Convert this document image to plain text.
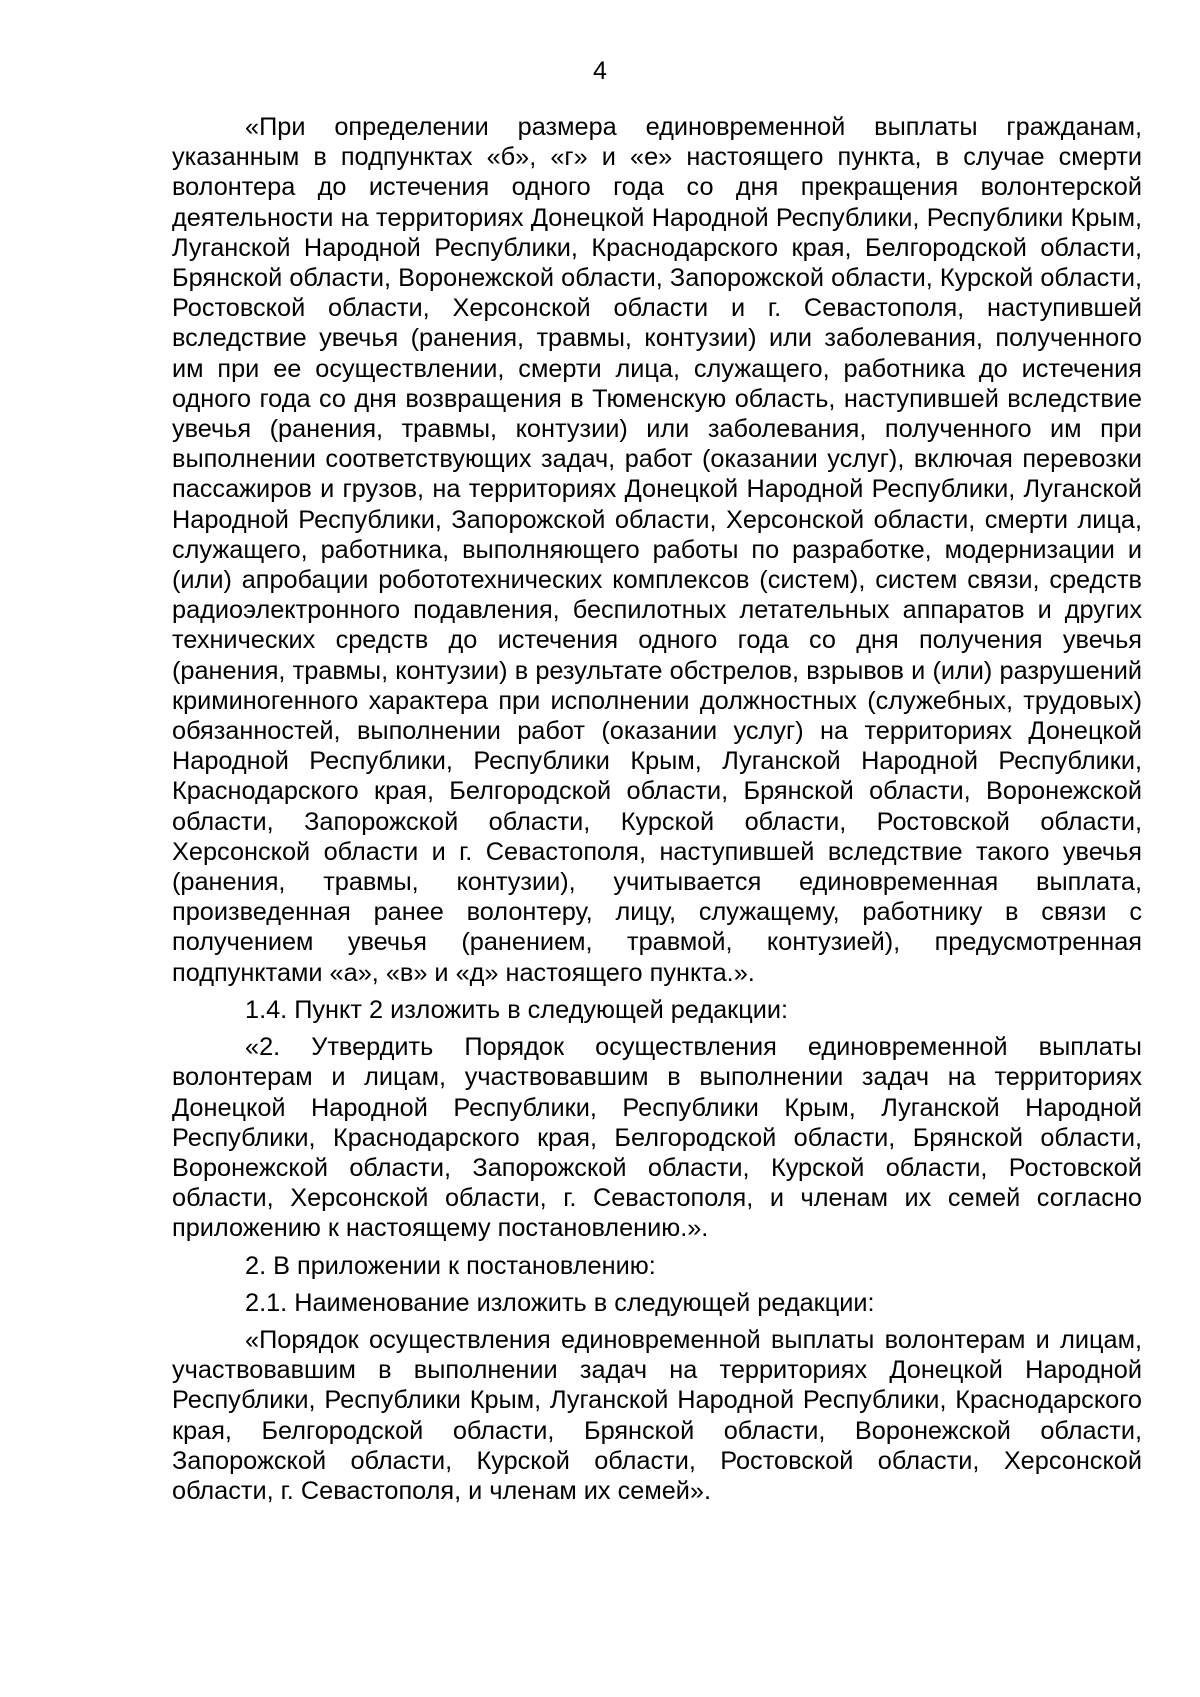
4

«При определении размера единовременной выплаты гражданам, указанным в подпунктах «б», «г» и «е» настоящего пункта, в случае смерти волонтера до истечения одного года со дня прекращения волонтерской деятельности на территориях Донецкой Народной Республики, Республики Крым, Луганской Народной Республики, Краснодарского края, Белгородской области, Брянской области, Воронежской области, Запорожской области, Курской области, Ростовской области, Херсонской области и г. Севастополя, наступившей вследствие увечья (ранения, травмы, контузии) или заболевания, полученного им при ее осуществлении, смерти лица, служащего, работника до истечения одного года со дня возвращения в Тюменскую область, наступившей вследствие увечья (ранения, травмы, контузии) или заболевания, полученного им при выполнении соответствующих задач, работ (оказании услуг), включая перевозки пассажиров и грузов, на территориях Донецкой Народной Республики, Луганской Народной Республики, Запорожской области, Херсонской области, смерти лица, служащего, работника, выполняющего работы по разработке, модернизации и (или) апробации робототехнических комплексов (систем), систем связи, средств радиоэлектронного подавления, беспилотных летательных аппаратов и других технических средств до истечения одного года со дня получения увечья (ранения, травмы, контузии) в результате обстрелов, взрывов и (или) разрушений криминогенного характера при исполнении должностных (служебных, трудовых) обязанностей, выполнении работ (оказании услуг) на территориях Донецкой Народной Республики, Республики Крым, Луганской Народной Республики, Краснодарского края, Белгородской области, Брянской области, Воронежской области, Запорожской области, Курской области, Ростовской области, Херсонской области и г. Севастополя, наступившей вследствие такого увечья (ранения, травмы, контузии), учитывается единовременная выплата, произведенная ранее волонтеру, лицу, служащему, работнику в связи с получением увечья (ранением, травмой, контузией), предусмотренная подпунктами «а», «в» и «д» настоящего пункта.».

1.4. Пункт 2 изложить в следующей редакции:

«2. Утвердить Порядок осуществления единовременной выплаты волонтерам и лицам, участвовавшим в выполнении задач на территориях Донецкой Народной Республики, Республики Крым, Луганской Народной Республики, Краснодарского края, Белгородской области, Брянской области, Воронежской области, Запорожской области, Курской области, Ростовской области, Херсонской области, г. Севастополя, и членам их семей согласно приложению к настоящему постановлению.».

2. В приложении к постановлению:

2.1. Наименование изложить в следующей редакции:

«Порядок осуществления единовременной выплаты волонтерам и лицам, участвовавшим в выполнении задач на территориях Донецкой Народной Республики, Республики Крым, Луганской Народной Республики, Краснодарского края, Белгородской области, Брянской области, Воронежской области, Запорожской области, Курской области, Ростовской области, Херсонской области, г. Севастополя, и членам их семей».
